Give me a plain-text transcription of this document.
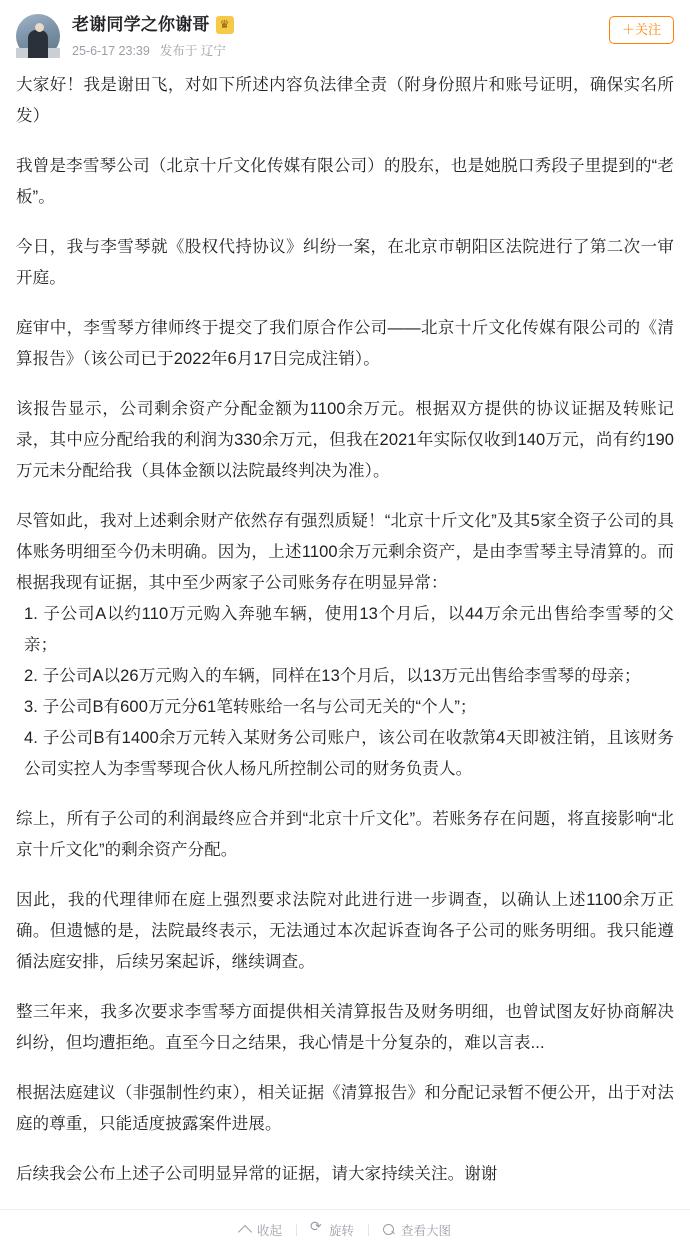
老谢同学之你谢哥 ♛
25-6-17 23:39 发布于 辽宁
＋关注

大家好！我是谢田飞，对如下所述内容负法律全责（附身份照片和账号证明，确保实名所发）

我曾是李雪琴公司（北京十斤文化传媒有限公司）的股东，也是她脱口秀段子里提到的“老板”。

今日，我与李雪琴就《股权代持协议》纠纷一案，在北京市朝阳区法院进行了第二次一审开庭。

庭审中，李雪琴方律师终于提交了我们原合作公司——北京十斤文化传媒有限公司的《清算报告》（该公司已于2022年6月17日完成注销）。

该报告显示，公司剩余资产分配金额为1100余万元。根据双方提供的协议证据及转账记录，其中应分配给我的利润为330余万元，但我在2021年实际仅收到140万元，尚有约190万元未分配给我（具体金额以法院最终判决为准）。

尽管如此，我对上述剩余财产依然存有强烈质疑！“北京十斤文化”及其5家全资子公司的具体账务明细至今仍未明确。因为，上述1100余万元剩余资产，是由李雪琴主导清算的。而根据我现有证据，其中至少两家子公司账务存在明显异常：

1. 子公司A以约110万元购入奔驰车辆，使用13个月后，以44万余元出售给李雪琴的父亲；

2. 子公司A以26万元购入的车辆，同样在13个月后，以13万元出售给李雪琴的母亲；

3. 子公司B有600万元分61笔转账给一名与公司无关的“个人”；

4. 子公司B有1400余万元转入某财务公司账户，该公司在收款第4天即被注销，且该财务公司实控人为李雪琴现合伙人杨凡所控制公司的财务负责人。

综上，所有子公司的利润最终应合并到“北京十斤文化”。若账务存在问题，将直接影响“北京十斤文化”的剩余资产分配。

因此，我的代理律师在庭上强烈要求法院对此进行进一步调查，以确认上述1100余万正确。但遗憾的是，法院最终表示，无法通过本次起诉查询各子公司的账务明细。我只能遵循法庭安排，后续另案起诉，继续调查。

整三年来，我多次要求李雪琴方面提供相关清算报告及财务明细，也曾试图友好协商解决纠纷，但均遭拒绝。直至今日之结果，我心情是十分复杂的，难以言表...

根据法庭建议（非强制性约束），相关证据《清算报告》和分配记录暂不便公开，出于对法庭的尊重，只能适度披露案件进展。

后续我会公布上述子公司明显异常的证据，请大家持续关注。谢谢

收起 ⟳	旋转	查看大图
